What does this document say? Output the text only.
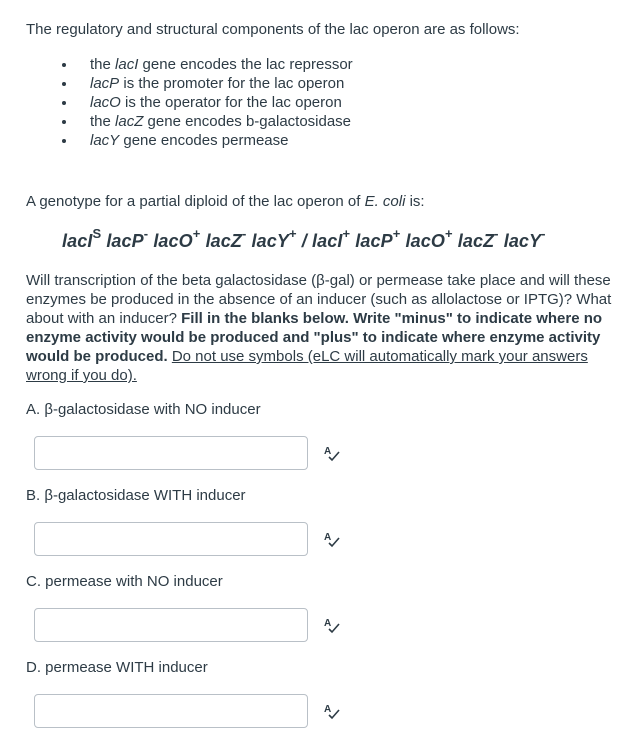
The regulatory and structural components of the lac operon are as follows:
the lacI gene encodes the lac repressor
lacP is the promoter for the lac operon
lacO is the operator for the lac operon
the lacZ gene encodes b-galactosidase
lacY gene encodes permease
A genotype for a partial diploid of the lac operon of E. coli is:
lacI$^S$ lacP- lacO+ lacZ- lacY+ / lacI+ lacP+ lacO+ lacZ- lacY-
Will transcription of the beta galactosidase (β-gal) or permease take place and will these enzymes be produced in the absence of an inducer (such as allolactose or IPTG)? What about with an inducer? Fill in the blanks below. Write "minus" to indicate where no enzyme activity would be produced and "plus" to indicate where enzyme activity would be produced. Do not use symbols (eLC will automatically mark your answers wrong if you do).
A. β-galactosidase with NO inducer
A
B. β-galactosidase WITH inducer
A
C. permease with NO inducer
A
D. permease WITH inducer
A
